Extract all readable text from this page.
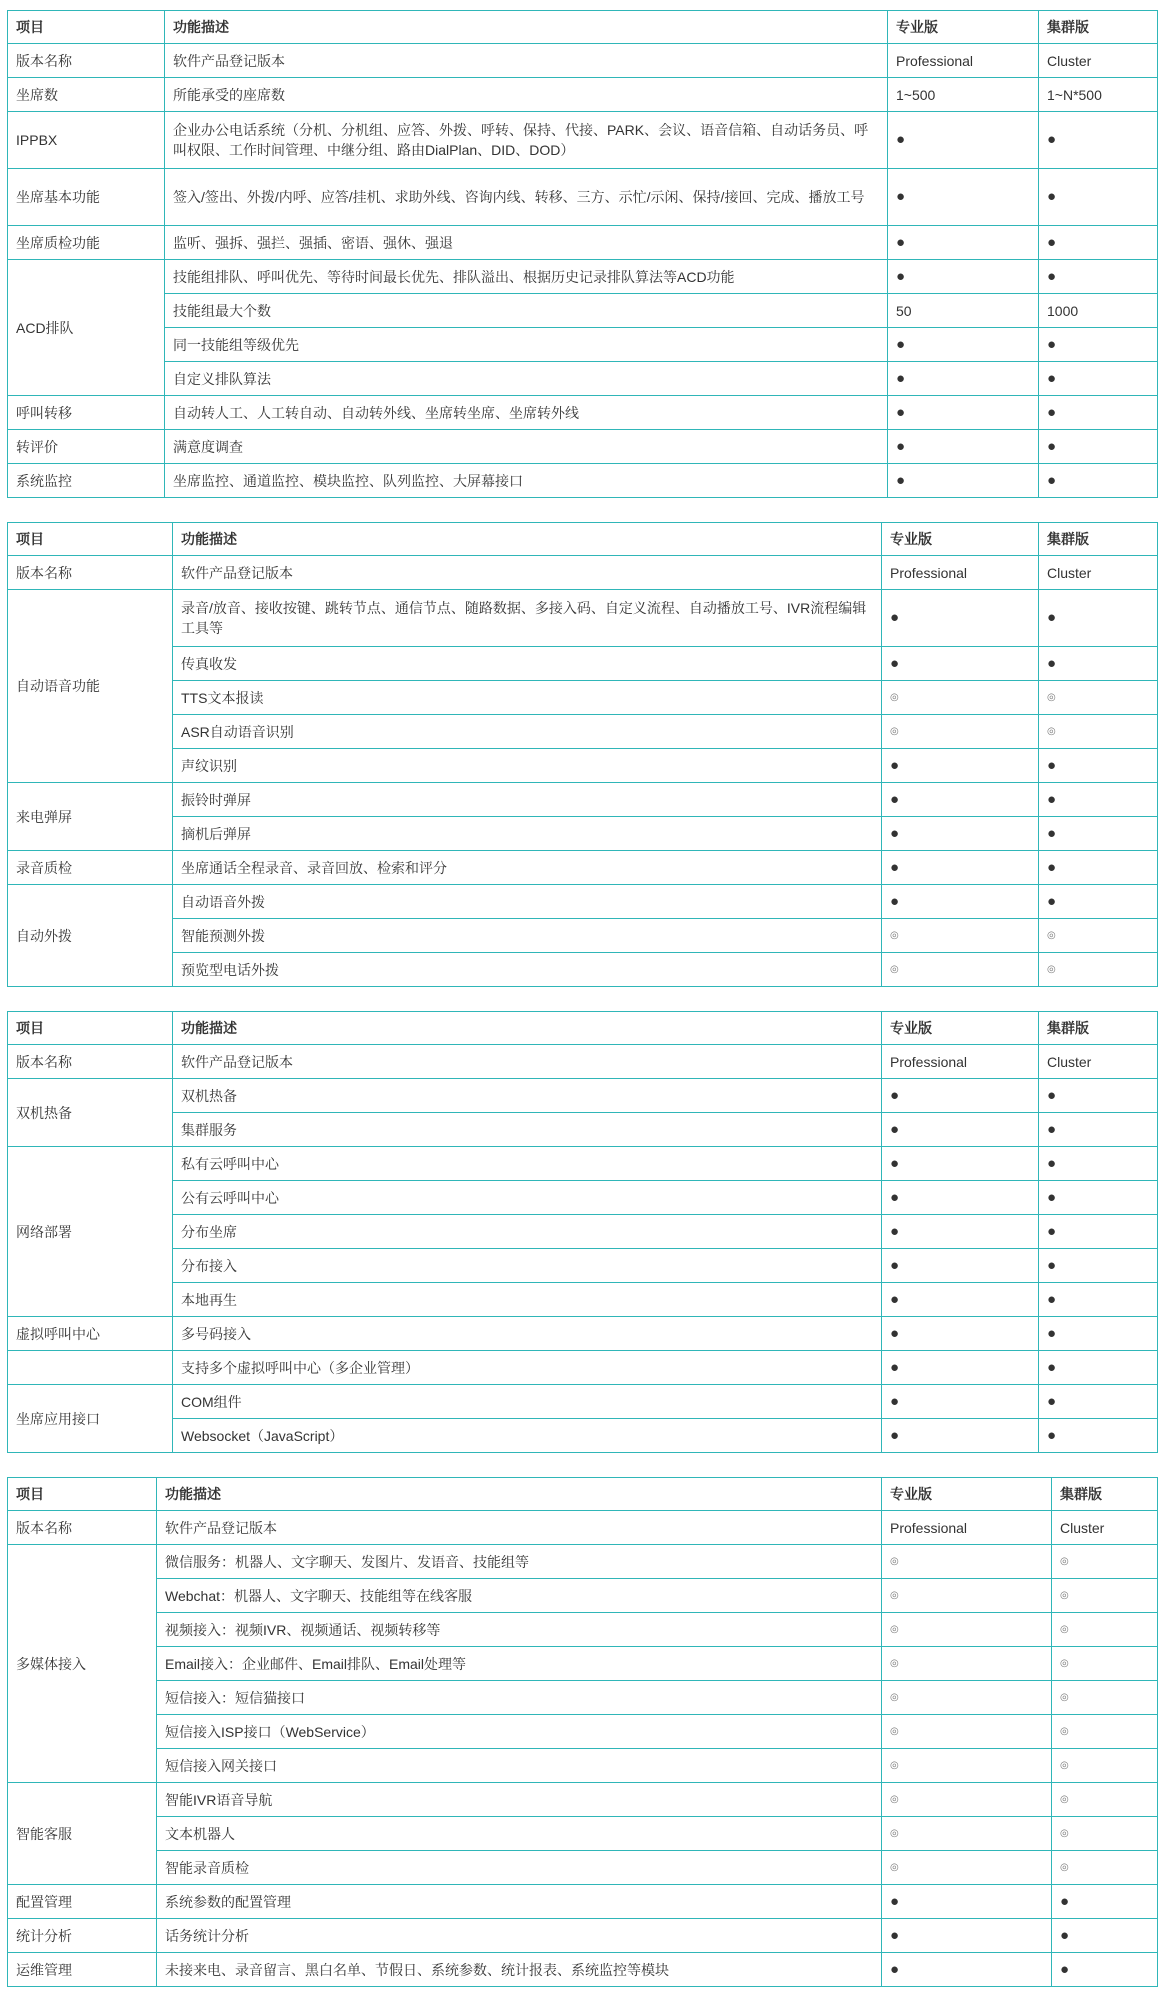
项目	功能描述	专业版	集群版
版本名称	软件产品登记版本	Professional	Cluster
坐席数	所能承受的座席数	1~500	1~N*500
IPPBX	企业办公电话系统（分机、分机组、应答、外拨、呼转、保持、代接、PARK、会议、语音信箱、自动话务员、呼叫权限、工作时间管理、中继分组、路由DialPlan、DID、DOD）	●	●
坐席基本功能	签入/签出、外拨/内呼、应答/挂机、求助外线、咨询内线、转移、三方、示忙/示闲、保持/接回、完成、播放工号	●	●
坐席质检功能	监听、强拆、强拦、强插、密语、强休、强退	●	●
ACD排队	技能组排队、呼叫优先、等待时间最长优先、排队溢出、根据历史记录排队算法等ACD功能	●	●
	技能组最大个数	50	1000
	同一技能组等级优先	●	●
	自定义排队算法	●	●
呼叫转移	自动转人工、人工转自动、自动转外线、坐席转坐席、坐席转外线	●	●
转评价	满意度调查	●	●
系统监控	坐席监控、通道监控、模块监控、队列监控、大屏幕接口	●	●
项目	功能描述	专业版	集群版
版本名称	软件产品登记版本	Professional	Cluster
自动语音功能	录音/放音、接收按键、跳转节点、通信节点、随路数据、多接入码、自定义流程、自动播放工号、IVR流程编辑工具等	●	●
	传真收发	●	●
	TTS文本报读	◎	◎
	ASR自动语音识别	◎	◎
	声纹识别	●	●
来电弹屏	振铃时弹屏	●	●
	摘机后弹屏	●	●
录音质检	坐席通话全程录音、录音回放、检索和评分	●	●
自动外拨	自动语音外拨	●	●
	智能预测外拨	◎	◎
	预览型电话外拨	◎	◎
项目	功能描述	专业版	集群版
版本名称	软件产品登记版本	Professional	Cluster
双机热备	双机热备	●	●
	集群服务	●	●
网络部署	私有云呼叫中心	●	●
	公有云呼叫中心	●	●
	分布坐席	●	●
	分布接入	●	●
	本地再生	●	●
虚拟呼叫中心	多号码接入	●	●
	支持多个虚拟呼叫中心（多企业管理）	●	●
坐席应用接口	COM组件	●	●
	Websocket（JavaScript）	●	●
项目	功能描述	专业版	集群版
版本名称	软件产品登记版本	Professional	Cluster
多媒体接入	微信服务：机器人、文字聊天、发图片、发语音、技能组等	◎	◎
	Webchat：机器人、文字聊天、技能组等在线客服	◎	◎
	视频接入：视频IVR、视频通话、视频转移等	◎	◎
	Email接入：企业邮件、Email排队、Email处理等	◎	◎
	短信接入：短信猫接口	◎	◎
	短信接入ISP接口（WebService）	◎	◎
	短信接入网关接口	◎	◎
智能客服	智能IVR语音导航	◎	◎
	文本机器人	◎	◎
	智能录音质检	◎	◎
配置管理	系统参数的配置管理	●	●
统计分析	话务统计分析	●	●
运维管理	未接来电、录音留言、黑白名单、节假日、系统参数、统计报表、系统监控等模块	●	●
